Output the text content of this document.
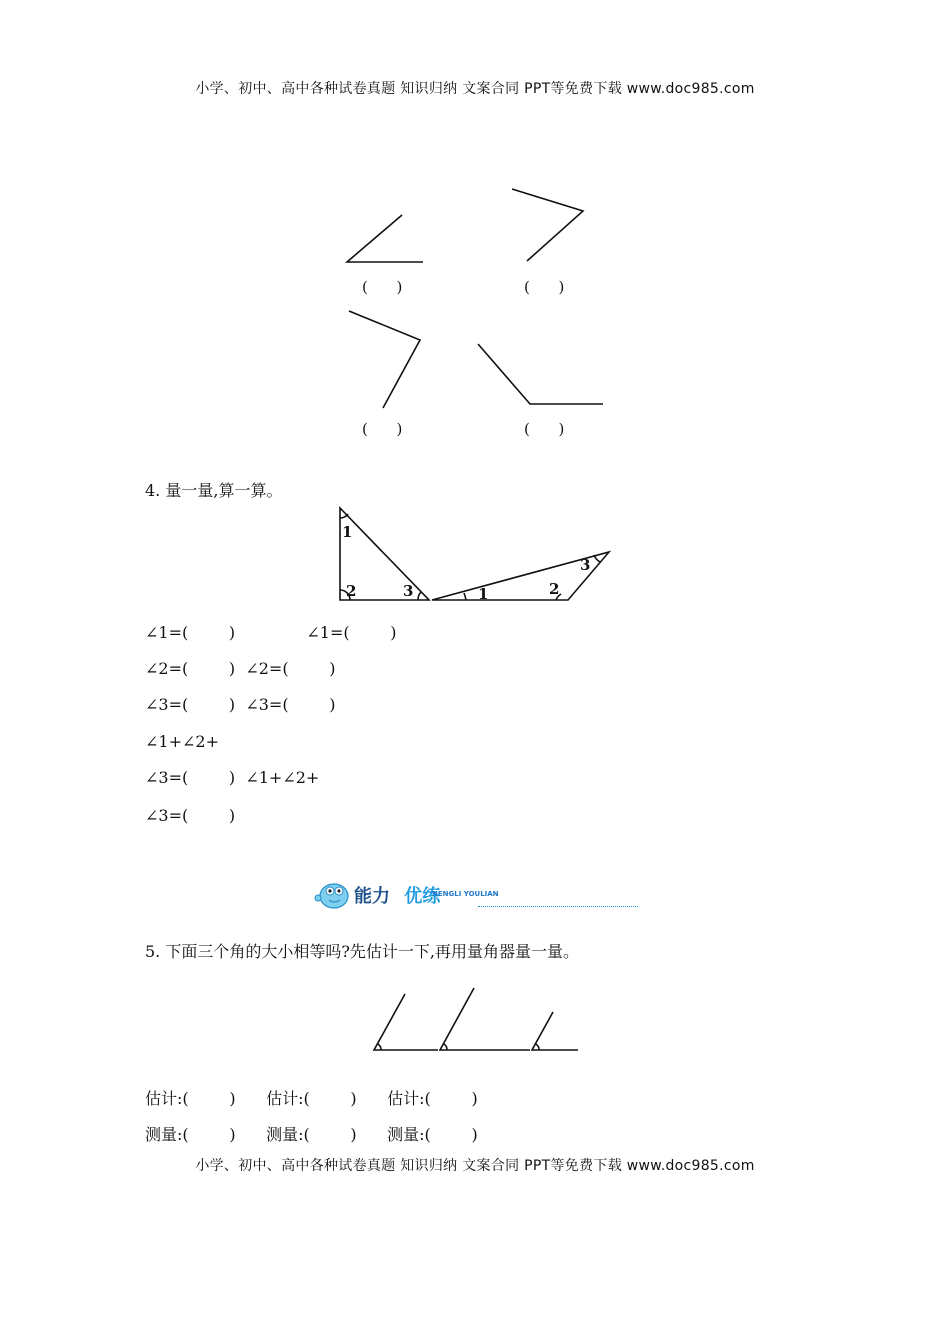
小学、初中、高中各种试卷真题 知识归纳 文案合同 PPT等免费下载 www.doc985.com
(      )	(      )
(      )	(      )
4. 量一量,算一算。
1
2	3	1	2
3
∠1=(        )              ∠1=(        )
∠2=(        )  ∠2=(        )
∠3=(        )  ∠3=(        )
∠1+∠2+
∠3=(        )  ∠1+∠2+
∠3=(        )
能力 优练
NENGLI YOULIAN
5. 下面三个角的大小相等吗?先估计一下,再用量角器量一量。
估计:(        )      估计:(        )      估计:(        )
测量:(        )      测量:(        )      测量:(        )
小学、初中、高中各种试卷真题 知识归纳 文案合同 PPT等免费下载 www.doc985.com
